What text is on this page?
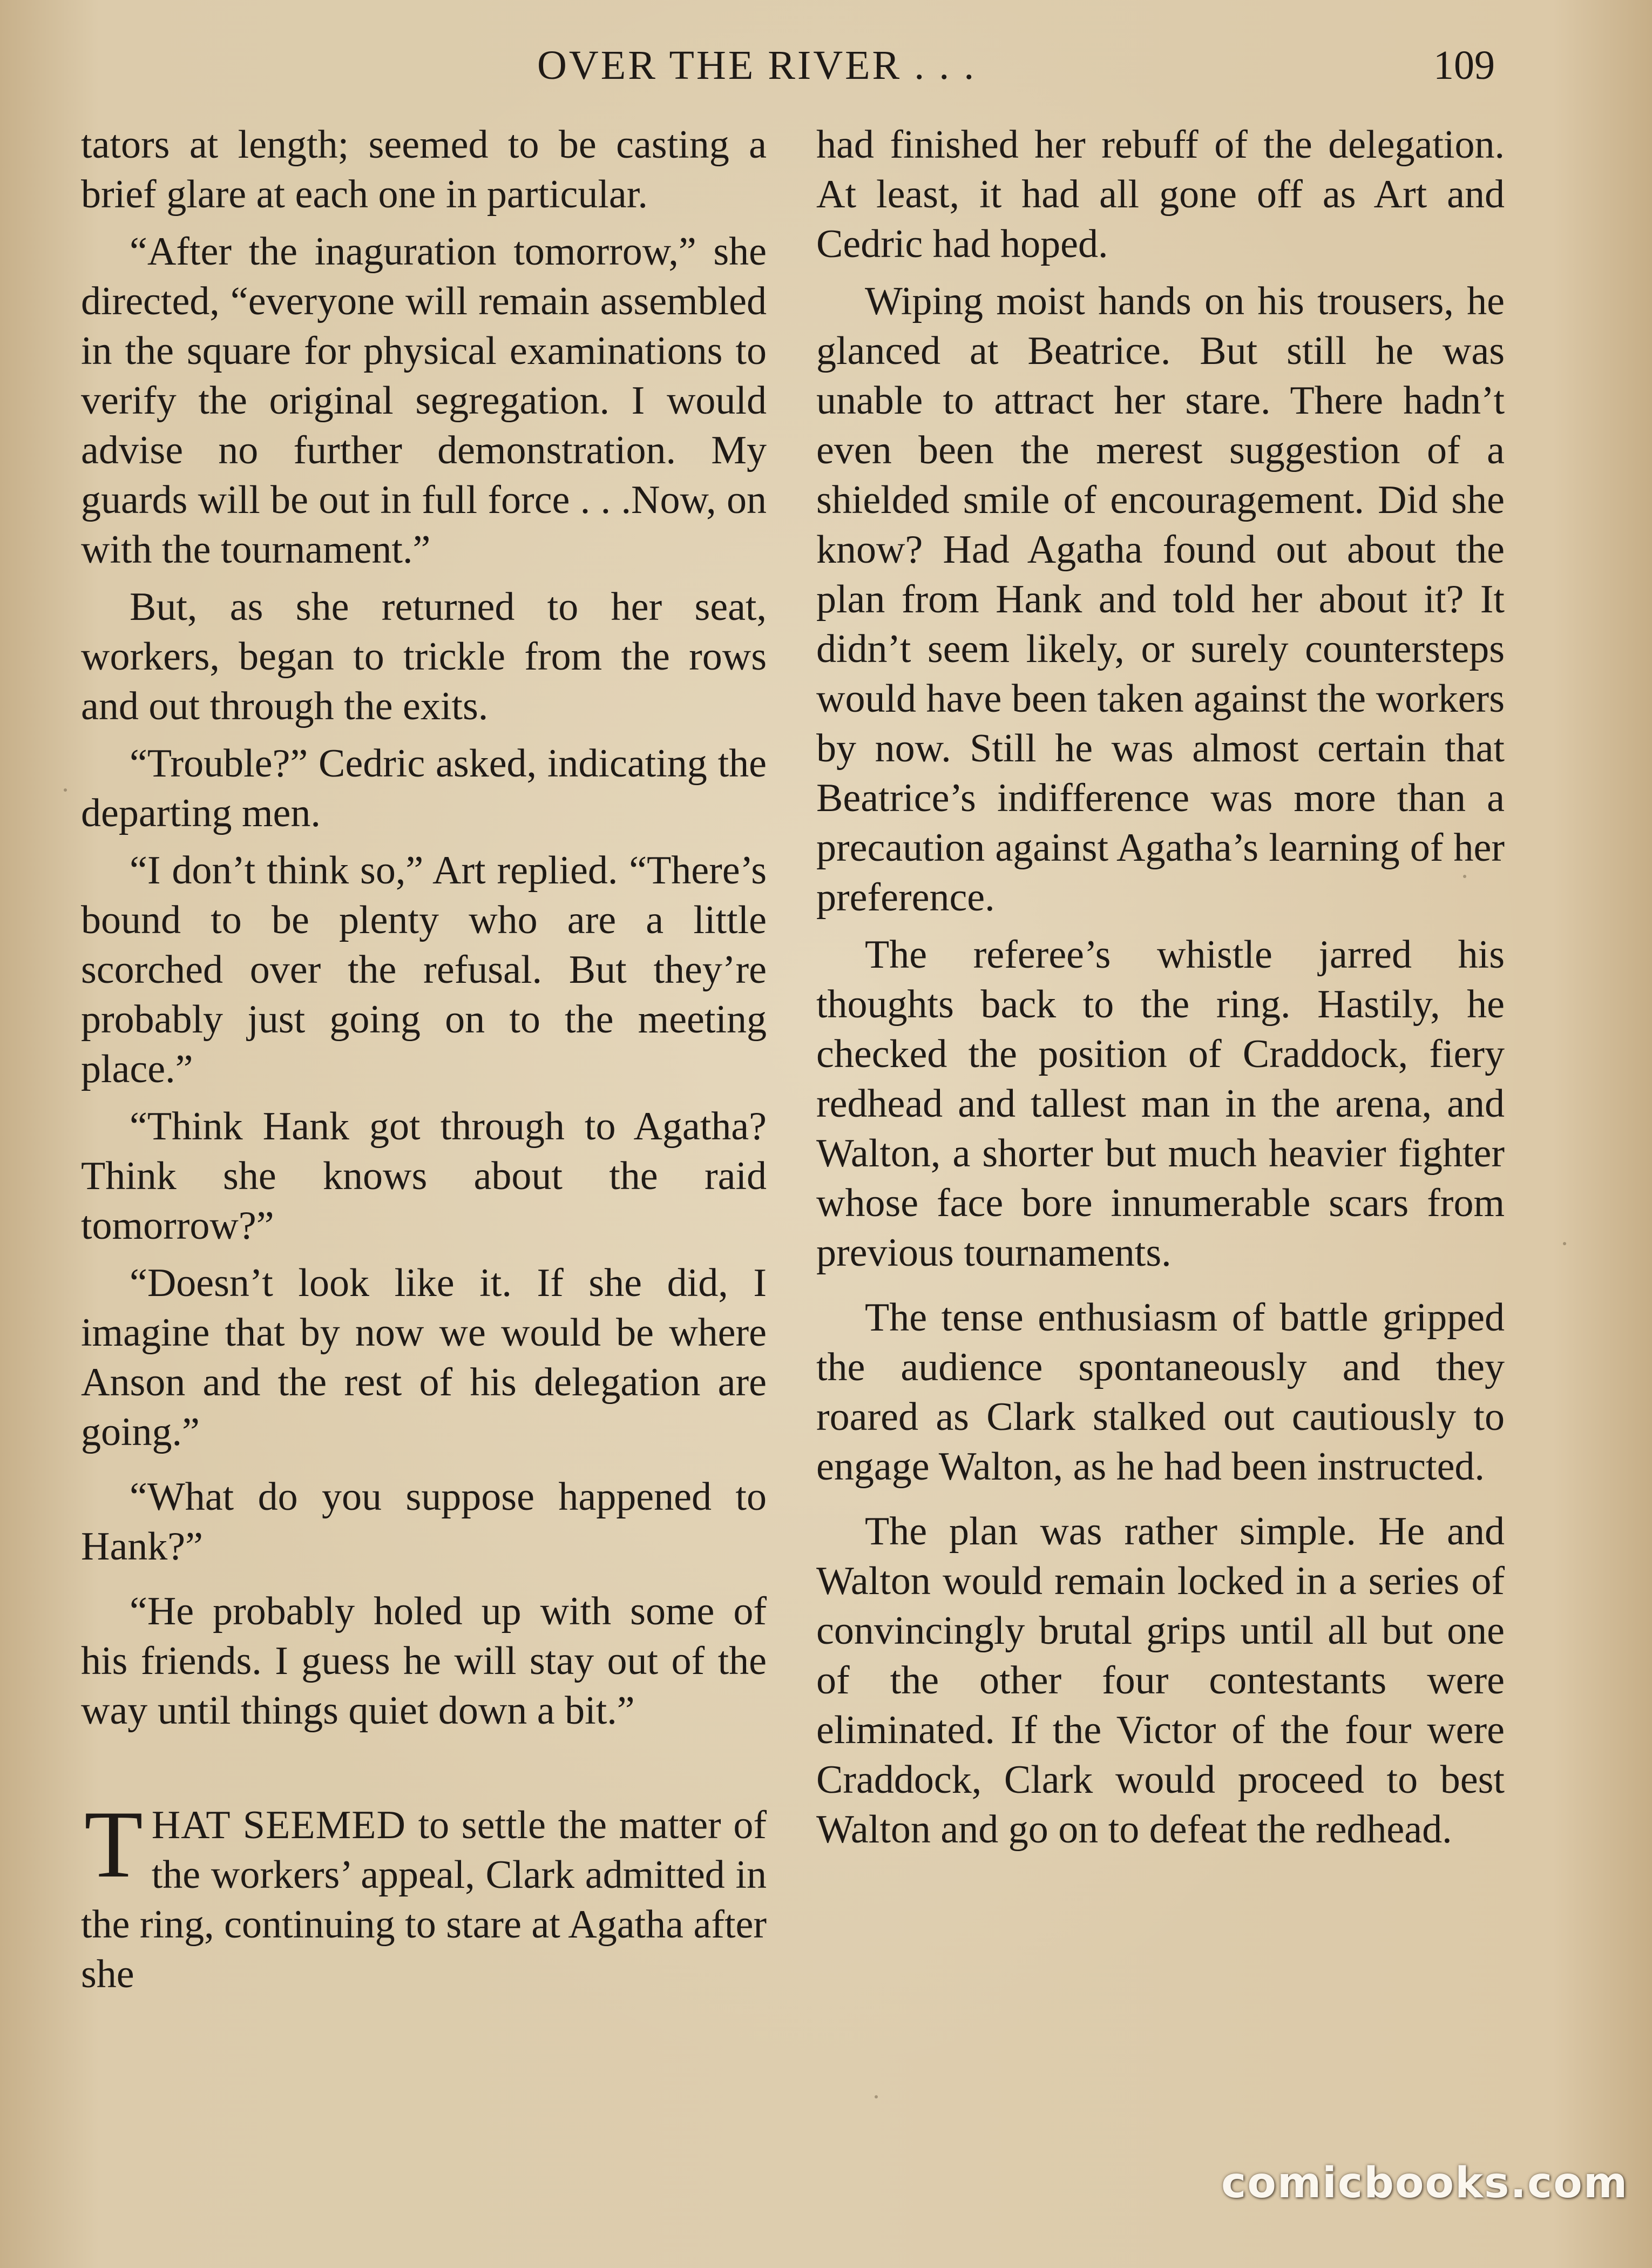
OVER THE RIVER . . .	109

tators at length; seemed to be casting a brief glare at each one in particular.

“After the inaguration tomorrow,” she directed, “everyone will remain assembled in the square for physical examinations to verify the original segregation. I would advise no further demonstration. My guards will be out in full force . . .Now, on with the tournament.”

But, as she returned to her seat, workers, began to trickle from the rows and out through the exits.

“Trouble?” Cedric asked, indicating the departing men.

“I don’t think so,” Art replied. “There’s bound to be plenty who are a little scorched over the refusal. But they’re probably just going on to the meeting place.”

“Think Hank got through to Agatha? Think she knows about the raid tomorrow?”

“Doesn’t look like it. If she did, I imagine that by now we would be where Anson and the rest of his delegation are going.”

“What do you suppose happened to Hank?”

“He probably holed up with some of his friends. I guess he will stay out of the way until things quiet down a bit.”

THAT SEEMED to settle the matter of the workers’ appeal, Clark admitted in the ring, continuing to stare at Agatha after she

had finished her rebuff of the delegation. At least, it had all gone off as Art and Cedric had hoped.

Wiping moist hands on his trousers, he glanced at Beatrice. But still he was unable to attract her stare. There hadn’t even been the merest suggestion of a shielded smile of encouragement. Did she know? Had Agatha found out about the plan from Hank and told her about it? It didn’t seem likely, or surely countersteps would have been taken against the workers by now. Still he was almost certain that Beatrice’s indifference was more than a precaution against Agatha’s learning of her preference.

The referee’s whistle jarred his thoughts back to the ring. Hastily, he checked the position of Craddock, fiery redhead and tallest man in the arena, and Walton, a shorter but much heavier fighter whose face bore innumerable scars from previous tournaments.

The tense enthusiasm of battle gripped the audience spontaneously and they roared as Clark stalked out cautiously to engage Walton, as he had been instructed.

The plan was rather simple. He and Walton would remain locked in a series of convincingly brutal grips until all but one of the other four contestants were eliminated. If the Victor of the four were Craddock, Clark would proceed to best Walton and go on to defeat the redhead.

comicbooks.com
